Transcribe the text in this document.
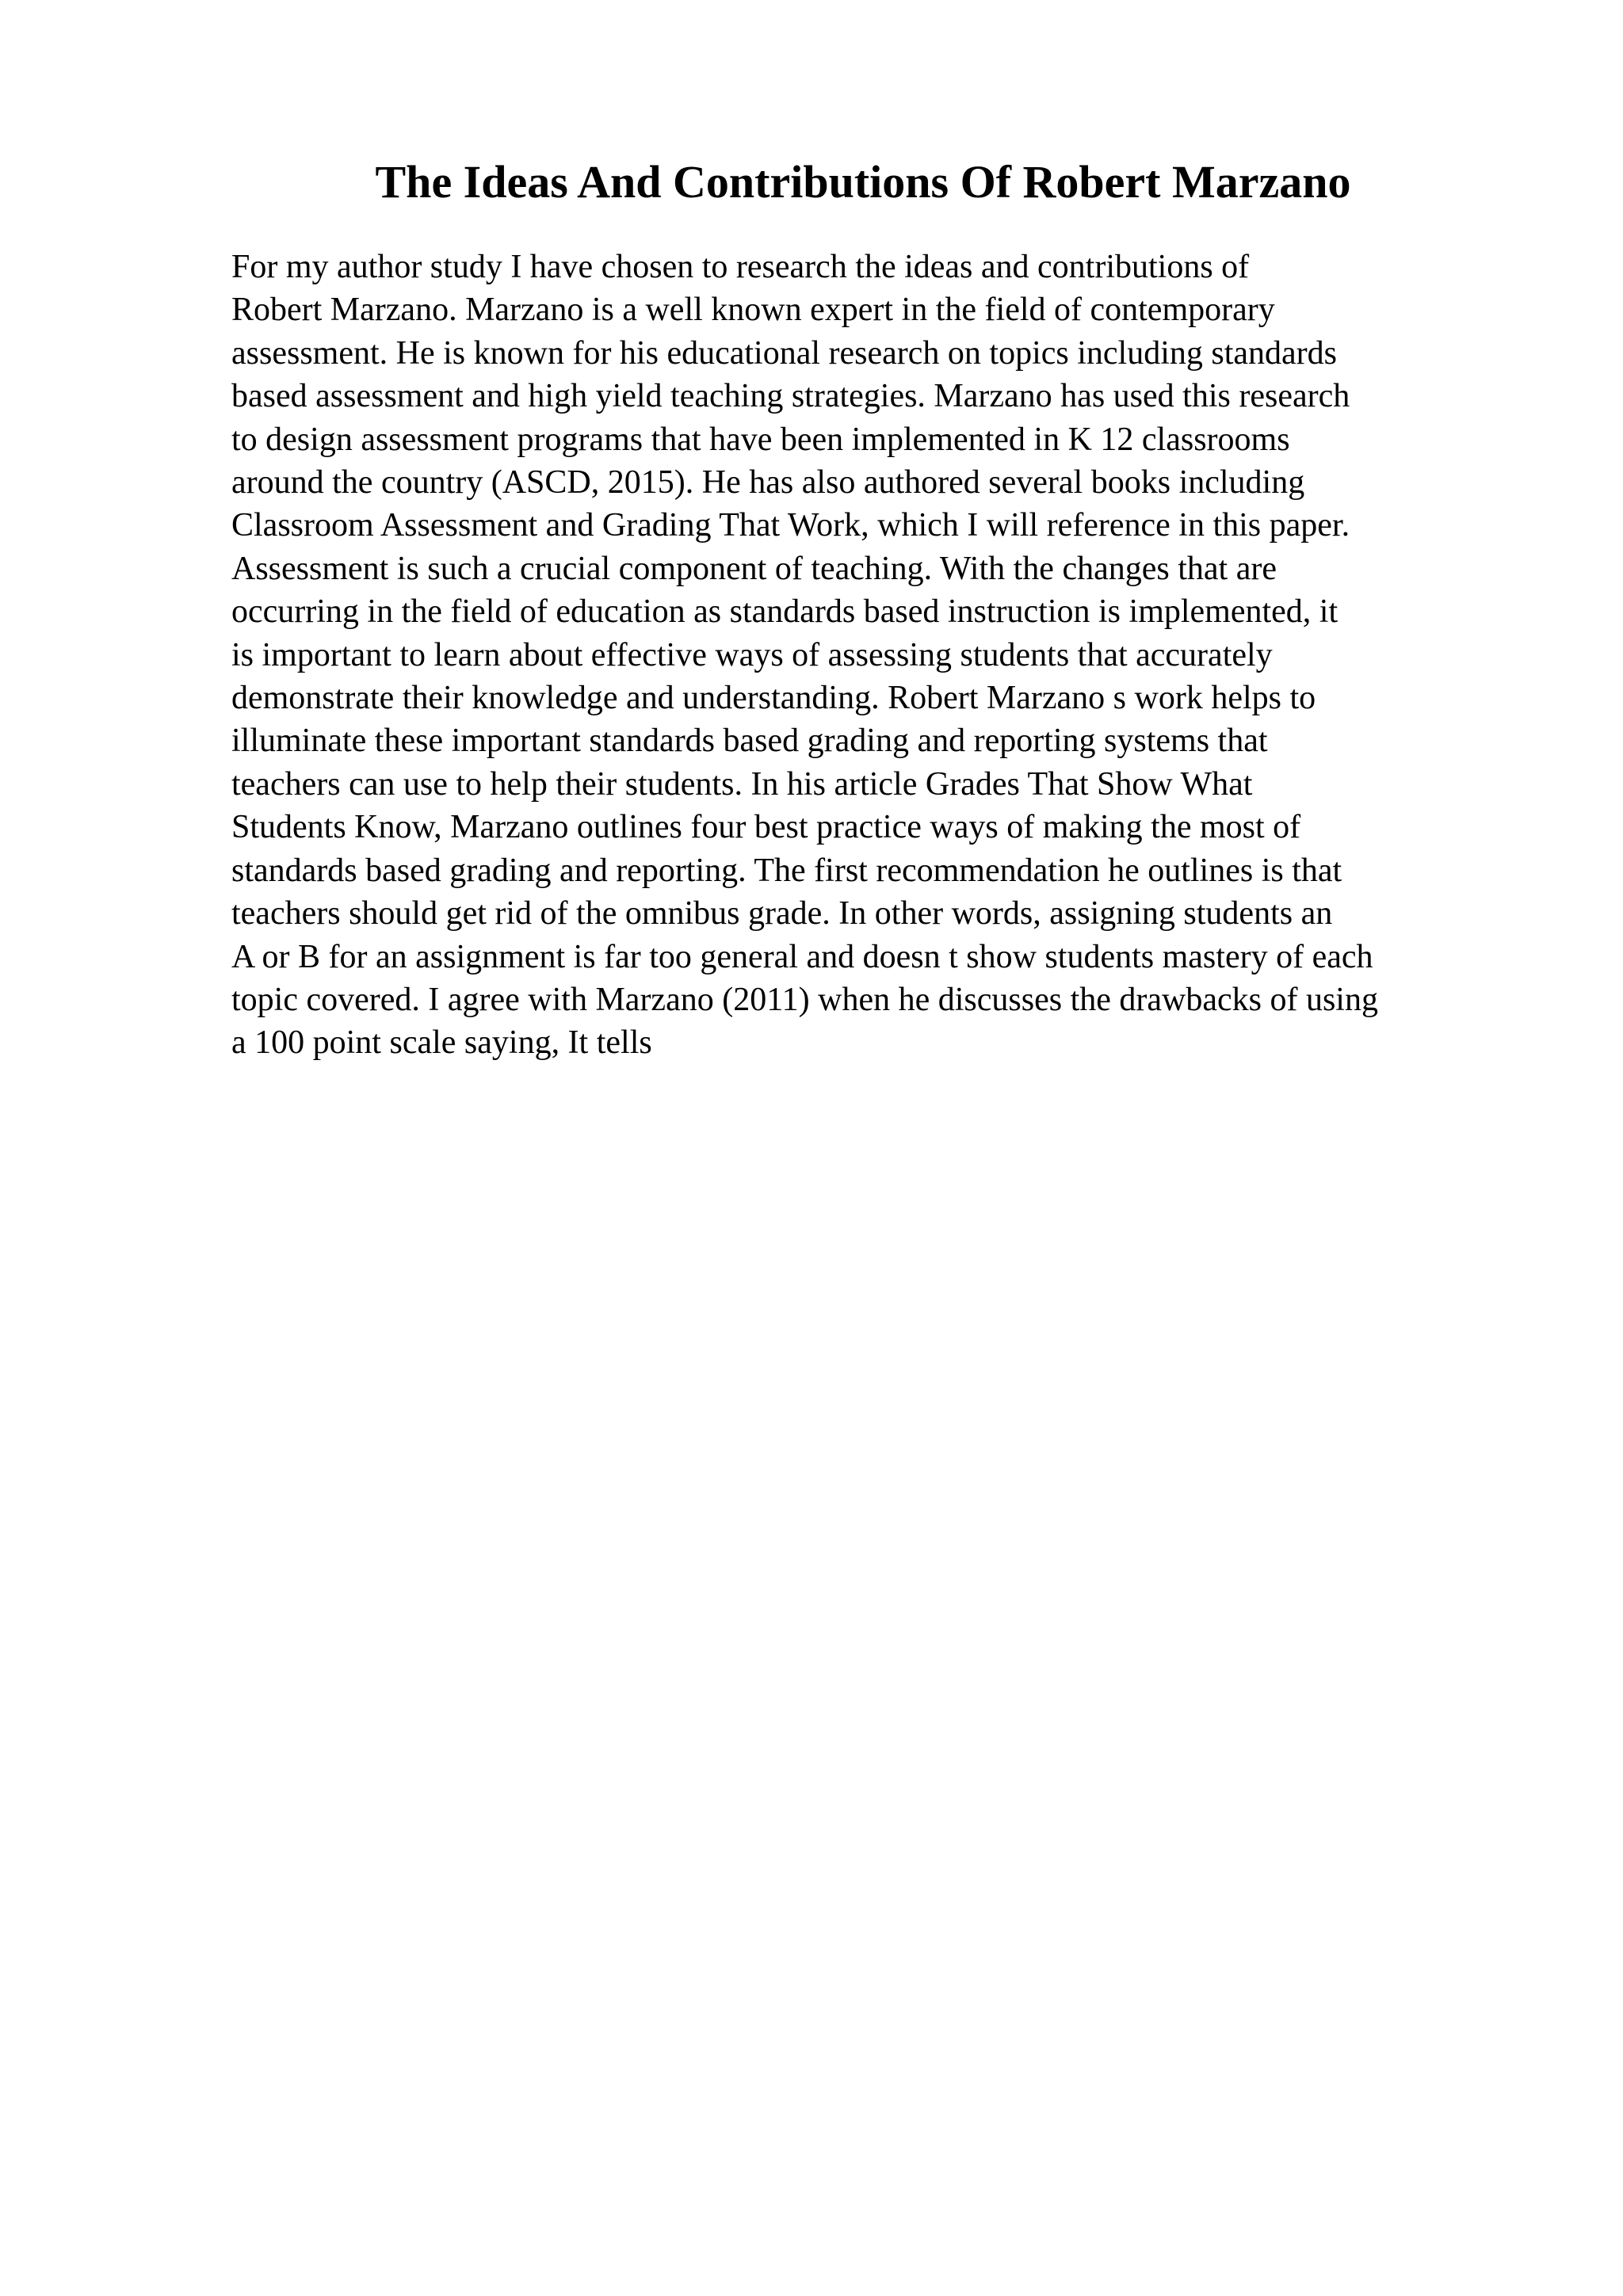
The Ideas And Contributions Of Robert Marzano
For my author study I have chosen to research the ideas and contributions of
Robert Marzano. Marzano is a well known expert in the field of contemporary
assessment. He is known for his educational research on topics including standards
based assessment and high yield teaching strategies. Marzano has used this research
to design assessment programs that have been implemented in K 12 classrooms
around the country (ASCD, 2015). He has also authored several books including
Classroom Assessment and Grading That Work, which I will reference in this paper.
Assessment is such a crucial component of teaching. With the changes that are
occurring in the field of education as standards based instruction is implemented, it
is important to learn about effective ways of assessing students that accurately
demonstrate their knowledge and understanding. Robert Marzano s work helps to
illuminate these important standards based grading and reporting systems that
teachers can use to help their students. In his article Grades That Show What
Students Know, Marzano outlines four best practice ways of making the most of
standards based grading and reporting. The first recommendation he outlines is that
teachers should get rid of the omnibus grade. In other words, assigning students an
A or B for an assignment is far too general and doesn t show students mastery of each
topic covered. I agree with Marzano (2011) when he discusses the drawbacks of using
a 100 point scale saying, It tells
